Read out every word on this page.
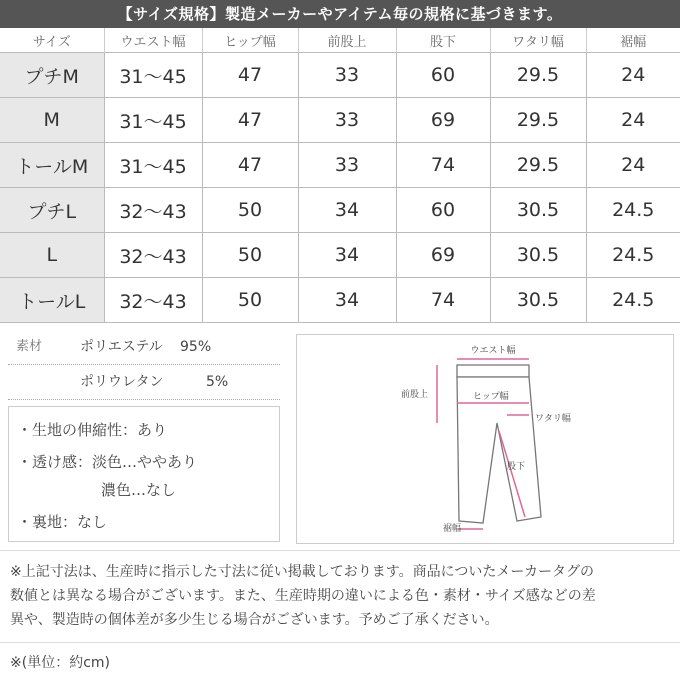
【サイズ規格】製造メーカーやアイテム毎の規格に基づきます。
サイズ	ウエスト幅	ヒップ幅	前股上	股下	ワタリ幅	裾幅
プチM	31〜45	47	33	60	29.5	24
M	31〜45	47	33	69	29.5	24
トールM	31〜45	47	33	74	29.5	24
プチL	32〜43	50	34	60	30.5	24.5
L	32〜43	50	34	69	30.5	24.5
トールL	32〜43	50	34	74	30.5	24.5
素材	ポリエステル 95%
ポリウレタン	5%
・生地の伸縮性：あり
・透け感：淡色…ややあり
濃色…なし
・裏地：なし
ウエスト幅
前股上	ヒップ幅
ワタリ幅
股下
裾幅
※上記寸法は、生産時に指示した寸法に従い掲載しております。商品についたメーカータグの
数値とは異なる場合がございます。また、生産時期の違いによる色・素材・サイズ感などの差
異や、製造時の個体差が多少生じる場合がございます。予めご了承ください。
※(単位：約cm)
